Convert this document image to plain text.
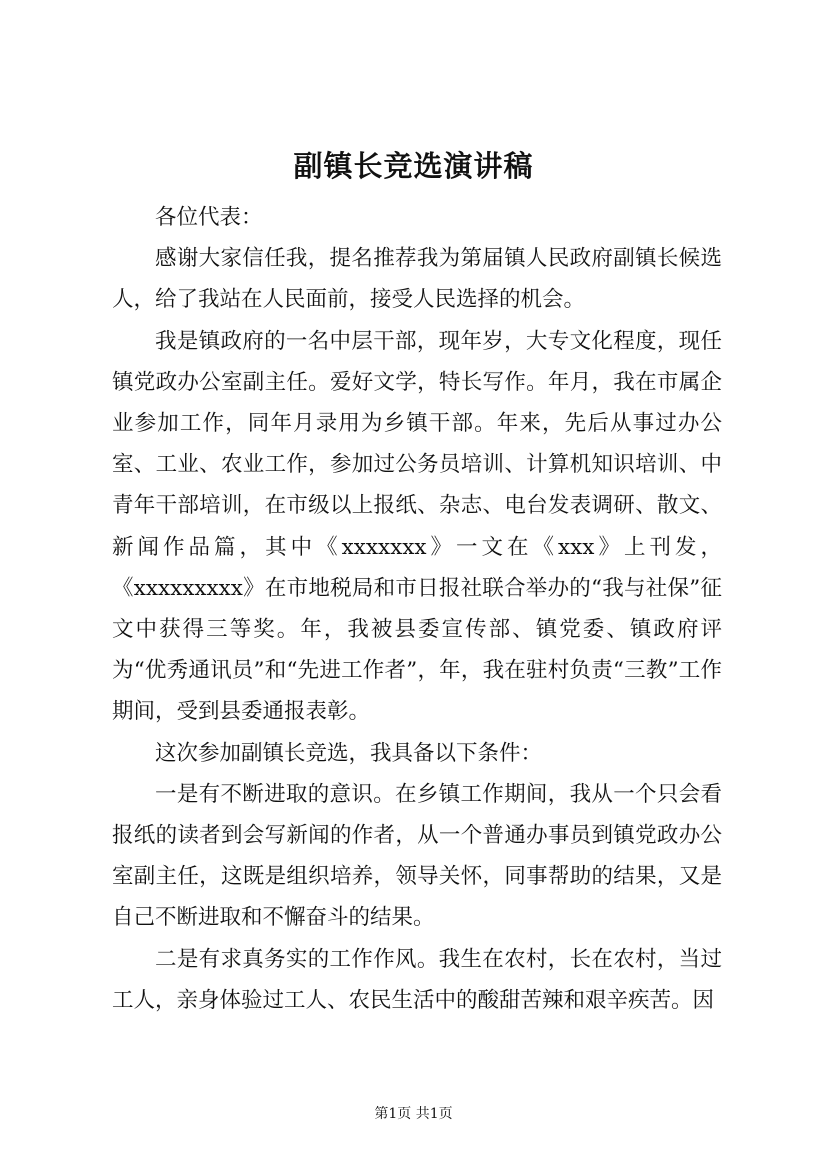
副镇长竞选演讲稿

各位代表：

感谢大家信任我，提名推荐我为第届镇人民政府副镇长候选人，给了我站在人民面前，接受人民选择的机会。

我是镇政府的一名中层干部，现年岁，大专文化程度，现任镇党政办公室副主任。爱好文学，特长写作。年月，我在市属企业参加工作，同年月录用为乡镇干部。年来，先后从事过办公室、工业、农业工作，参加过公务员培训、计算机知识培训、中青年干部培训，在市级以上报纸、杂志、电台发表调研、散文、新闻作品篇，其中《xxxxxxx》一文在《xxx》上刊发，《xxxxxxxxx》在市地税局和市日报社联合举办的“我与社保”征文中获得三等奖。年，我被县委宣传部、镇党委、镇政府评为“优秀通讯员”和“先进工作者”，年，我在驻村负责“三教”工作期间，受到县委通报表彰。

这次参加副镇长竞选，我具备以下条件：

一是有不断进取的意识。在乡镇工作期间，我从一个只会看报纸的读者到会写新闻的作者，从一个普通办事员到镇党政办公室副主任，这既是组织培养，领导关怀，同事帮助的结果，又是自己不断进取和不懈奋斗的结果。

二是有求真务实的工作作风。我生在农村，长在农村，当过工人，亲身体验过工人、农民生活中的酸甜苦辣和艰辛疾苦。因

第1页 共1页
